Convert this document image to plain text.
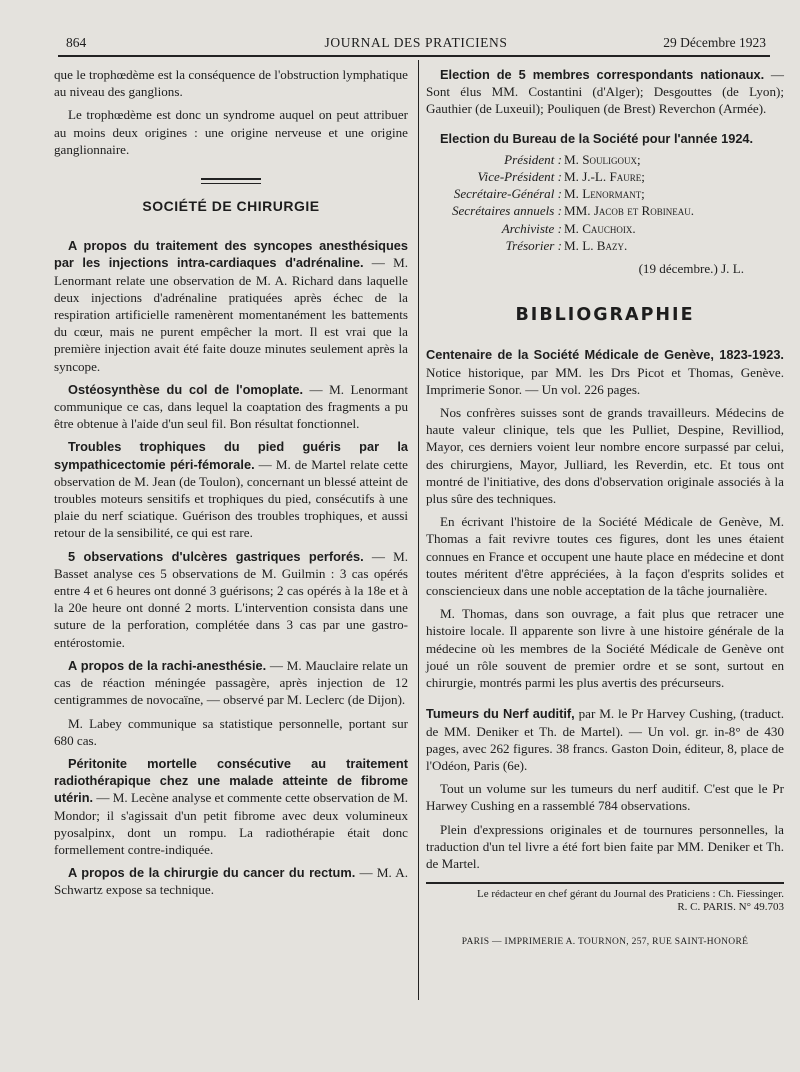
864	JOURNAL DES PRATICIENS	29 Décembre 1923

que le trophœdème est la conséquence de l'obstruction lymphatique au niveau des ganglions.

Le trophœdème est donc un syndrome auquel on peut attribuer au moins deux origines : une origine nerveuse et une origine ganglionnaire.

SOCIÉTÉ DE CHIRURGIE

A propos du traitement des syncopes anesthésiques par les injections intra-cardiaques d'adrénaline. — M. Lenormant relate une observation de M. A. Richard dans laquelle deux injections d'adrénaline pratiquées après échec de la respiration artificielle ramenèrent momentanément les battements du cœur, mais ne purent empêcher la mort. Il est vrai que la première injection avait été faite douze minutes seulement après la syncope.

Ostéosynthèse du col de l'omoplate. — M. Lenormant communique ce cas, dans lequel la coaptation des fragments a pu être obtenue à l'aide d'un seul fil. Bon résultat fonctionnel.

Troubles trophiques du pied guéris par la sympathicectomie péri-fémorale. — M. de Martel relate cette observation de M. Jean (de Toulon), concernant un blessé atteint de troubles moteurs sensitifs et trophiques du pied, consécutifs à une plaie du nerf sciatique. Guérison des troubles trophiques, et aussi retour de la sensibilité, ce qui est rare.

5 observations d'ulcères gastriques perforés. — M. Basset analyse ces 5 observations de M. Guilmin : 3 cas opérés entre 4 et 6 heures ont donné 3 guérisons; 2 cas opérés à la 18e et à la 20e heure ont donné 2 morts. L'intervention consista dans une suture de la perforation, complétée dans 3 cas par une gastro-entérostomie.

A propos de la rachi-anesthésie. — M. Mauclaire relate un cas de réaction méningée passagère, après injection de 12 centigrammes de novocaïne, — observé par M. Leclerc (de Dijon).

M. Labey communique sa statistique personnelle, portant sur 680 cas.

Péritonite mortelle consécutive au traitement radiothérapique chez une malade atteinte de fibrome utérin. — M. Lecène analyse et commente cette observation de M. Mondor; il s'agissait d'un petit fibrome avec deux volumineux pyosalpinx, dont un rompu. La radiothérapie était donc formellement contre-indiquée.

A propos de la chirurgie du cancer du rectum. — M. A. Schwartz expose sa technique.

Election de 5 membres correspondants nationaux. — Sont élus MM. Costantini (d'Alger); Desgouttes (de Lyon); Gauthier (de Luxeuil); Pouliquen (de Brest) Reverchon (Armée).

Election du Bureau de la Société pour l'année 1924.

Président : M. Souligoux;
Vice-Président : M. J.-L. Faure;
Secrétaire-Général : M. Lenormant;
Secrétaires annuels : MM. Jacob et Robineau.
Archiviste : M. Cauchoix.
Trésorier : M. L. Bazy.

(19 décembre.) J. L.

BIBLIOGRAPHIE

Centenaire de la Société Médicale de Genève, 1823-1923. Notice historique, par MM. les Drs Picot et Thomas, Genève. Imprimerie Sonor. — Un vol. 226 pages.

Nos confrères suisses sont de grands travailleurs. Médecins de haute valeur clinique, tels que les Pulliet, Despine, Revilliod, Mayor, ces derniers voient leur nombre encore surpassé par celui, des chirurgiens, Mayor, Julliard, les Reverdin, etc. Et tous ont montré de l'initiative, des dons d'observation originale associés à la plus sûre des techniques.

En écrivant l'histoire de la Société Médicale de Genève, M. Thomas a fait revivre toutes ces figures, dont les unes étaient connues en France et occupent une haute place en médecine et dont toutes méritent d'être appréciées, à la façon d'esprits solides et consciencieux dans une noble acceptation de la tâche journalière.

M. Thomas, dans son ouvrage, a fait plus que retracer une histoire locale. Il apparente son livre à une histoire générale de la médecine où les membres de la Société Médicale de Genève ont joué un rôle souvent de premier ordre et se sont, surtout en chirurgie, montrés parmi les plus avertis des précurseurs.

Tumeurs du Nerf auditif, par M. le Pr Harvey Cushing, (traduct. de MM. Deniker et Th. de Martel). — Un vol. gr. in-8° de 430 pages, avec 262 figures. 38 francs. Gaston Doin, éditeur, 8, place de l'Odéon, Paris (6e).

Tout un volume sur les tumeurs du nerf auditif. C'est que le Pr Harwey Cushing en a rassemblé 784 observations.

Plein d'expressions originales et de tournures personnelles, la traduction d'un tel livre a été fort bien faite par MM. Deniker et Th. de Martel.

Le rédacteur en chef gérant du Journal des Praticiens : Ch. Fiessinger.
R. C. PARIS. N° 49.703
PARIS — IMPRIMERIE A. TOURNON, 257, RUE SAINT-HONORÉ
